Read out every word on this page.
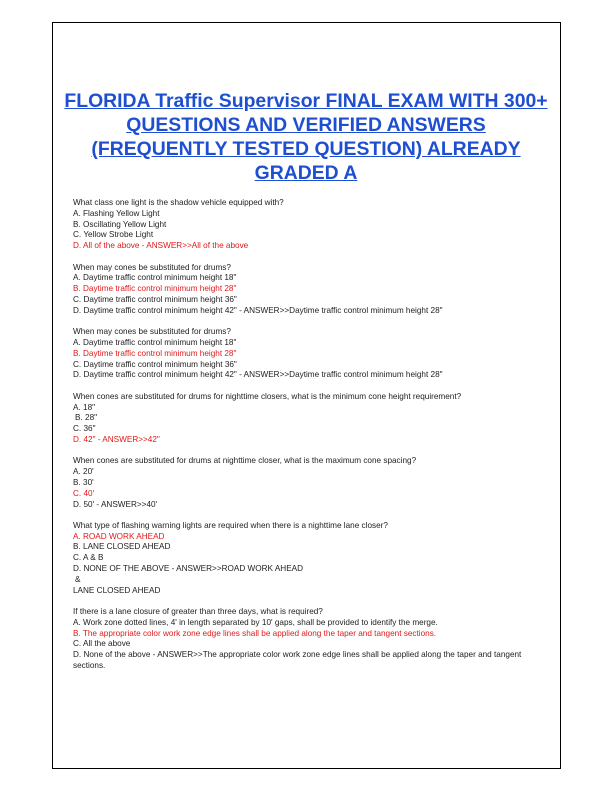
FLORIDA Traffic Supervisor FINAL EXAM WITH 300+ QUESTIONS AND VERIFIED ANSWERS (FREQUENTLY TESTED QUESTION) ALREADY GRADED A
What class one light is the shadow vehicle equipped with?
A. Flashing Yellow Light
B. Oscillating Yellow Light
C. Yellow Strobe Light
D. All of the above - ANSWER>>All of the above
When may cones be substituted for drums?
A. Daytime traffic control minimum height 18"
B. Daytime traffic control minimum height 28"
C. Daytime traffic control minimum height 36"
D. Daytime traffic control minimum height 42" - ANSWER>>Daytime traffic control minimum height 28"
When may cones be substituted for drums?
A. Daytime traffic control minimum height 18"
B. Daytime traffic control minimum height 28"
C. Daytime traffic control minimum height 36"
D. Daytime traffic control minimum height 42" - ANSWER>>Daytime traffic control minimum height 28"
When cones are substituted for drums for nighttime closers, what is the minimum cone height requirement?
A. 18"
B. 28"
C. 36"
D. 42" - ANSWER>>42"
When cones are substituted for drums at nighttime closer, what is the maximum cone spacing?
A. 20'
B. 30'
C. 40'
D. 50' - ANSWER>>40'
What type of flashing warning lights are required when there is a nighttime lane closer?
A. ROAD WORK AHEAD
B. LANE CLOSED AHEAD
C. A & B
D. NONE OF THE ABOVE - ANSWER>>ROAD WORK AHEAD
&
LANE CLOSED AHEAD
If there is a lane closure of greater than three days, what is required?
A. Work zone dotted lines, 4' in length separated by 10' gaps, shall be provided to identify the merge.
B. The appropriate color work zone edge lines shall be applied along the taper and tangent sections.
C. All the above
D. None of the above - ANSWER>>The appropriate color work zone edge lines shall be applied along the taper and tangent sections.
